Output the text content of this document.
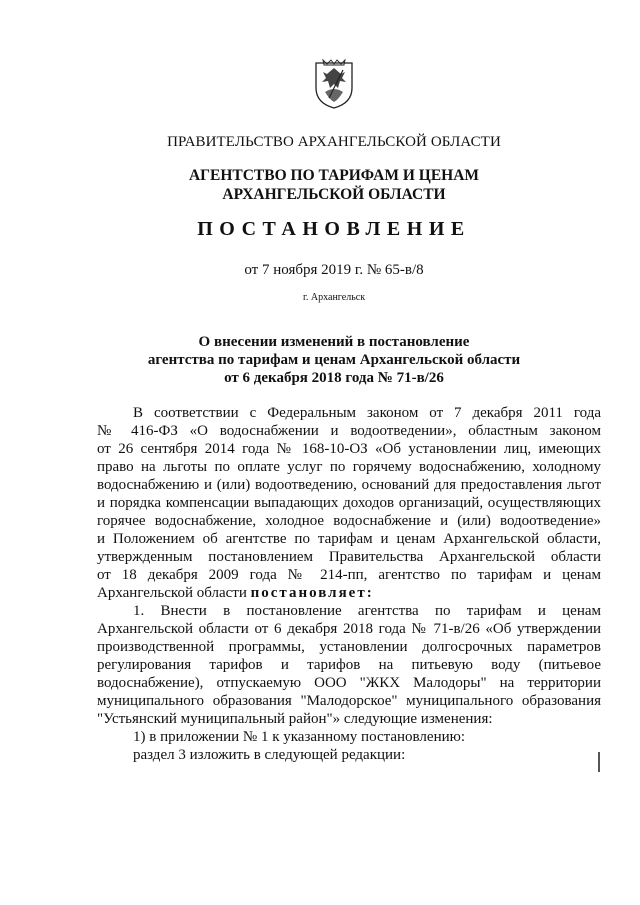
ПРАВИТЕЛЬСТВО АРХАНГЕЛЬСКОЙ ОБЛАСТИ
АГЕНТСТВО ПО ТАРИФАМ И ЦЕНАМ
АРХАНГЕЛЬСКОЙ ОБЛАСТИ
ПОСТАНОВЛЕНИЕ
от 7 ноября 2019 г. № 65-в/8
г. Архангельск
О внесении изменений в постановление
агентства по тарифам и ценам Архангельской области
от 6 декабря 2018 года № 71-в/26
В соответствии с Федеральным законом от 7 декабря 2011 года
№ 416-ФЗ «О водоснабжении и водоотведении», областным законом
от 26 сентября 2014 года № 168-10-ОЗ «Об установлении лиц, имеющих
право на льготы по оплате услуг по горячему водоснабжению, холодному
водоснабжению и (или) водоотведению, оснований для предоставления льгот
и порядка компенсации выпадающих доходов организаций, осуществляющих
горячее водоснабжение, холодное водоснабжение и (или) водоотведение»
и Положением об агентстве по тарифам и ценам Архангельской области,
утвержденным постановлением Правительства Архангельской области
от 18 декабря 2009 года № 214-пп, агентство по тарифам и ценам
Архангельской области постановляет:
1. Внести в постановление агентства по тарифам и ценам
Архангельской области от 6 декабря 2018 года № 71-в/26 «Об утверждении
производственной программы, установлении долгосрочных параметров
регулирования тарифов и тарифов на питьевую воду (питьевое
водоснабжение), отпускаемую ООО "ЖКХ Малодоры" на территории
муниципального образования "Малодорское" муниципального образования
"Устьянский муниципальный район"» следующие изменения:
1) в приложении № 1 к указанному постановлению:
раздел 3 изложить в следующей редакции:
